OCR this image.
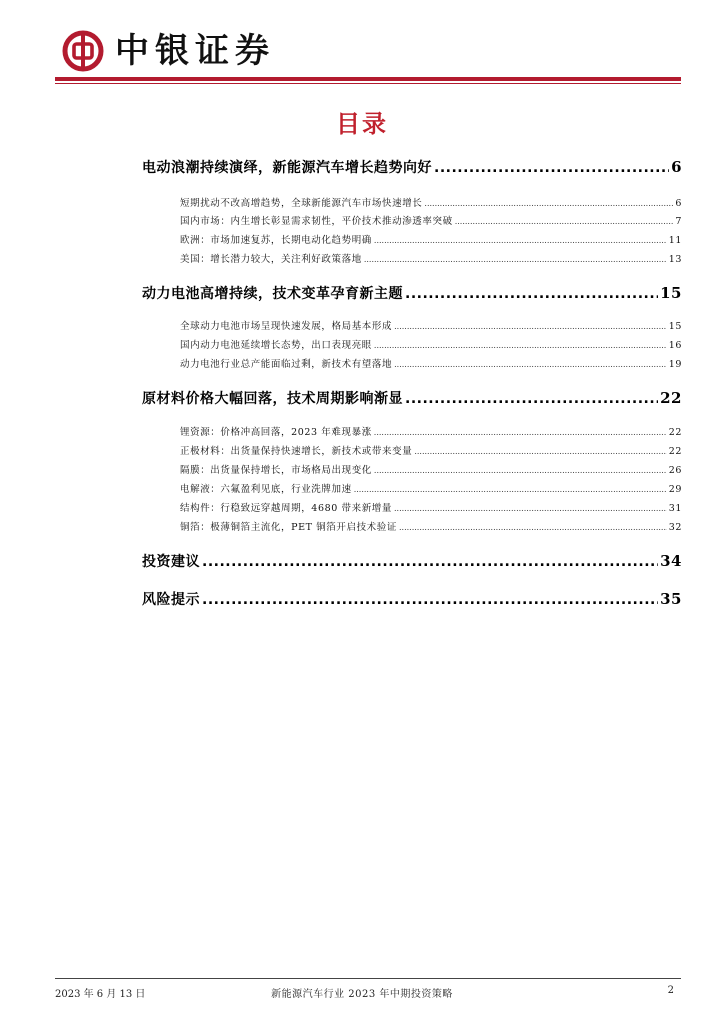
中银证券
目录
电动浪潮持续演绎，新能源汽车增长趋势向好 .....	6
短期扰动不改高增趋势，全球新能源汽车市场快速增长 .....	6
国内市场：内生增长彰显需求韧性，平价技术推动渗透率突破 .....	7
欧洲：市场加速复苏，长期电动化趋势明确 .....	11
美国：增长潜力较大，关注利好政策落地 .....	13
动力电池高增持续，技术变革孕育新主题 .....	15
全球动力电池市场呈现快速发展，格局基本形成 .....	15
国内动力电池延续增长态势，出口表现亮眼 .....	16
动力电池行业总产能面临过剩，新技术有望落地 .....	19
原材料价格大幅回落，技术周期影响渐显 .....	22
锂资源：价格冲高回落，2023 年难现暴涨 .....	22
正极材料：出货量保持快速增长，新技术或带来变量 .....	22
隔膜：出货量保持增长，市场格局出现变化 .....	26
电解液：六氟盈利见底，行业洗牌加速 .....	29
结构件：行稳致远穿越周期，4680 带来新增量 .....	31
铜箔：极薄铜箔主流化，PET 铜箔开启技术验证 .....	32
投资建议 .....	34
风险提示 .....	35
2023 年 6 月 13 日	新能源汽车行业 2023 年中期投资策略	2
